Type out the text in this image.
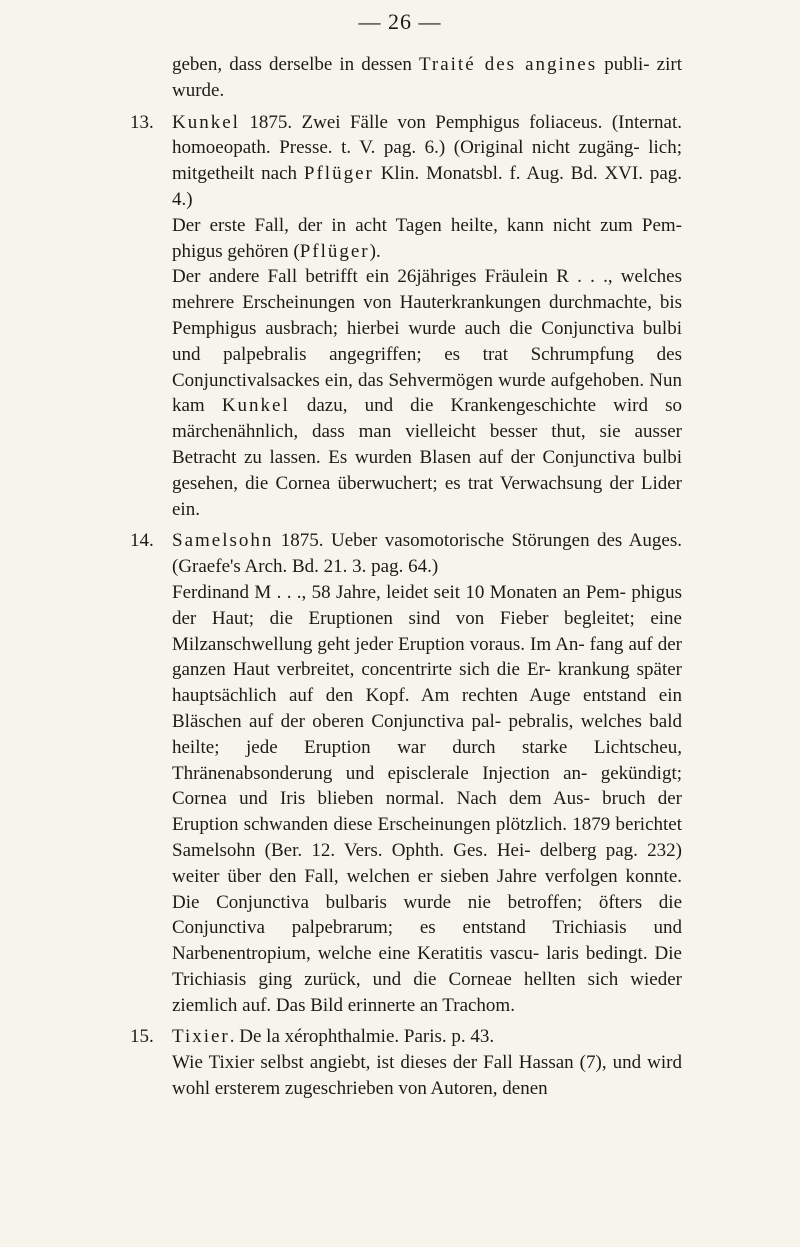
— 26 —

geben, dass derselbe in dessen Traité des angines publi- zirt wurde.

13. Kunkel 1875. Zwei Fälle von Pemphigus foliaceus. (Internat. homoeopath. Presse. t. V. pag. 6.) (Original nicht zugäng- lich; mitgetheilt nach Pflüger Klin. Monatsbl. f. Aug. Bd. XVI. pag. 4.)

Der erste Fall, der in acht Tagen heilte, kann nicht zum Pem- phigus gehören (Pflüger).

Der andere Fall betrifft ein 26jähriges Fräulein R . . ., welches mehrere Erscheinungen von Hauterkrankungen durchmachte, bis Pemphigus ausbrach; hierbei wurde auch die Conjunctiva bulbi und palpebralis angegriffen; es trat Schrumpfung des Conjunctivalsackes ein, das Sehvermögen wurde aufgehoben. Nun kam Kunkel dazu, und die Krankengeschichte wird so märchenähnlich, dass man vielleicht besser thut, sie ausser Betracht zu lassen. Es wurden Blasen auf der Conjunctiva bulbi gesehen, die Cornea überwuchert; es trat Verwachsung der Lider ein.

14. Samelsohn 1875. Ueber vasomotorische Störungen des Auges. (Graefe's Arch. Bd. 21. 3. pag. 64.)

Ferdinand M . . ., 58 Jahre, leidet seit 10 Monaten an Pem- phigus der Haut; die Eruptionen sind von Fieber begleitet; eine Milzanschwellung geht jeder Eruption voraus. Im An- fang auf der ganzen Haut verbreitet, concentrirte sich die Er- krankung später hauptsächlich auf den Kopf. Am rechten Auge entstand ein Bläschen auf der oberen Conjunctiva pal- pebralis, welches bald heilte; jede Eruption war durch starke Lichtscheu, Thränenabsonderung und episclerale Injection an- gekündigt; Cornea und Iris blieben normal. Nach dem Aus- bruch der Eruption schwanden diese Erscheinungen plötzlich. 1879 berichtet Samelsohn (Ber. 12. Vers. Ophth. Ges. Hei- delberg pag. 232) weiter über den Fall, welchen er sieben Jahre verfolgen konnte. Die Conjunctiva bulbaris wurde nie betroffen; öfters die Conjunctiva palpebrarum; es entstand Trichiasis und Narbenentropium, welche eine Keratitis vascu- laris bedingt. Die Trichiasis ging zurück, und die Corneae hellten sich wieder ziemlich auf. Das Bild erinnerte an Trachom.

15. Tixier. De la xérophthalmie. Paris. p. 43.

Wie Tixier selbst angiebt, ist dieses der Fall Hassan (7), und wird wohl ersterem zugeschrieben von Autoren, denen
